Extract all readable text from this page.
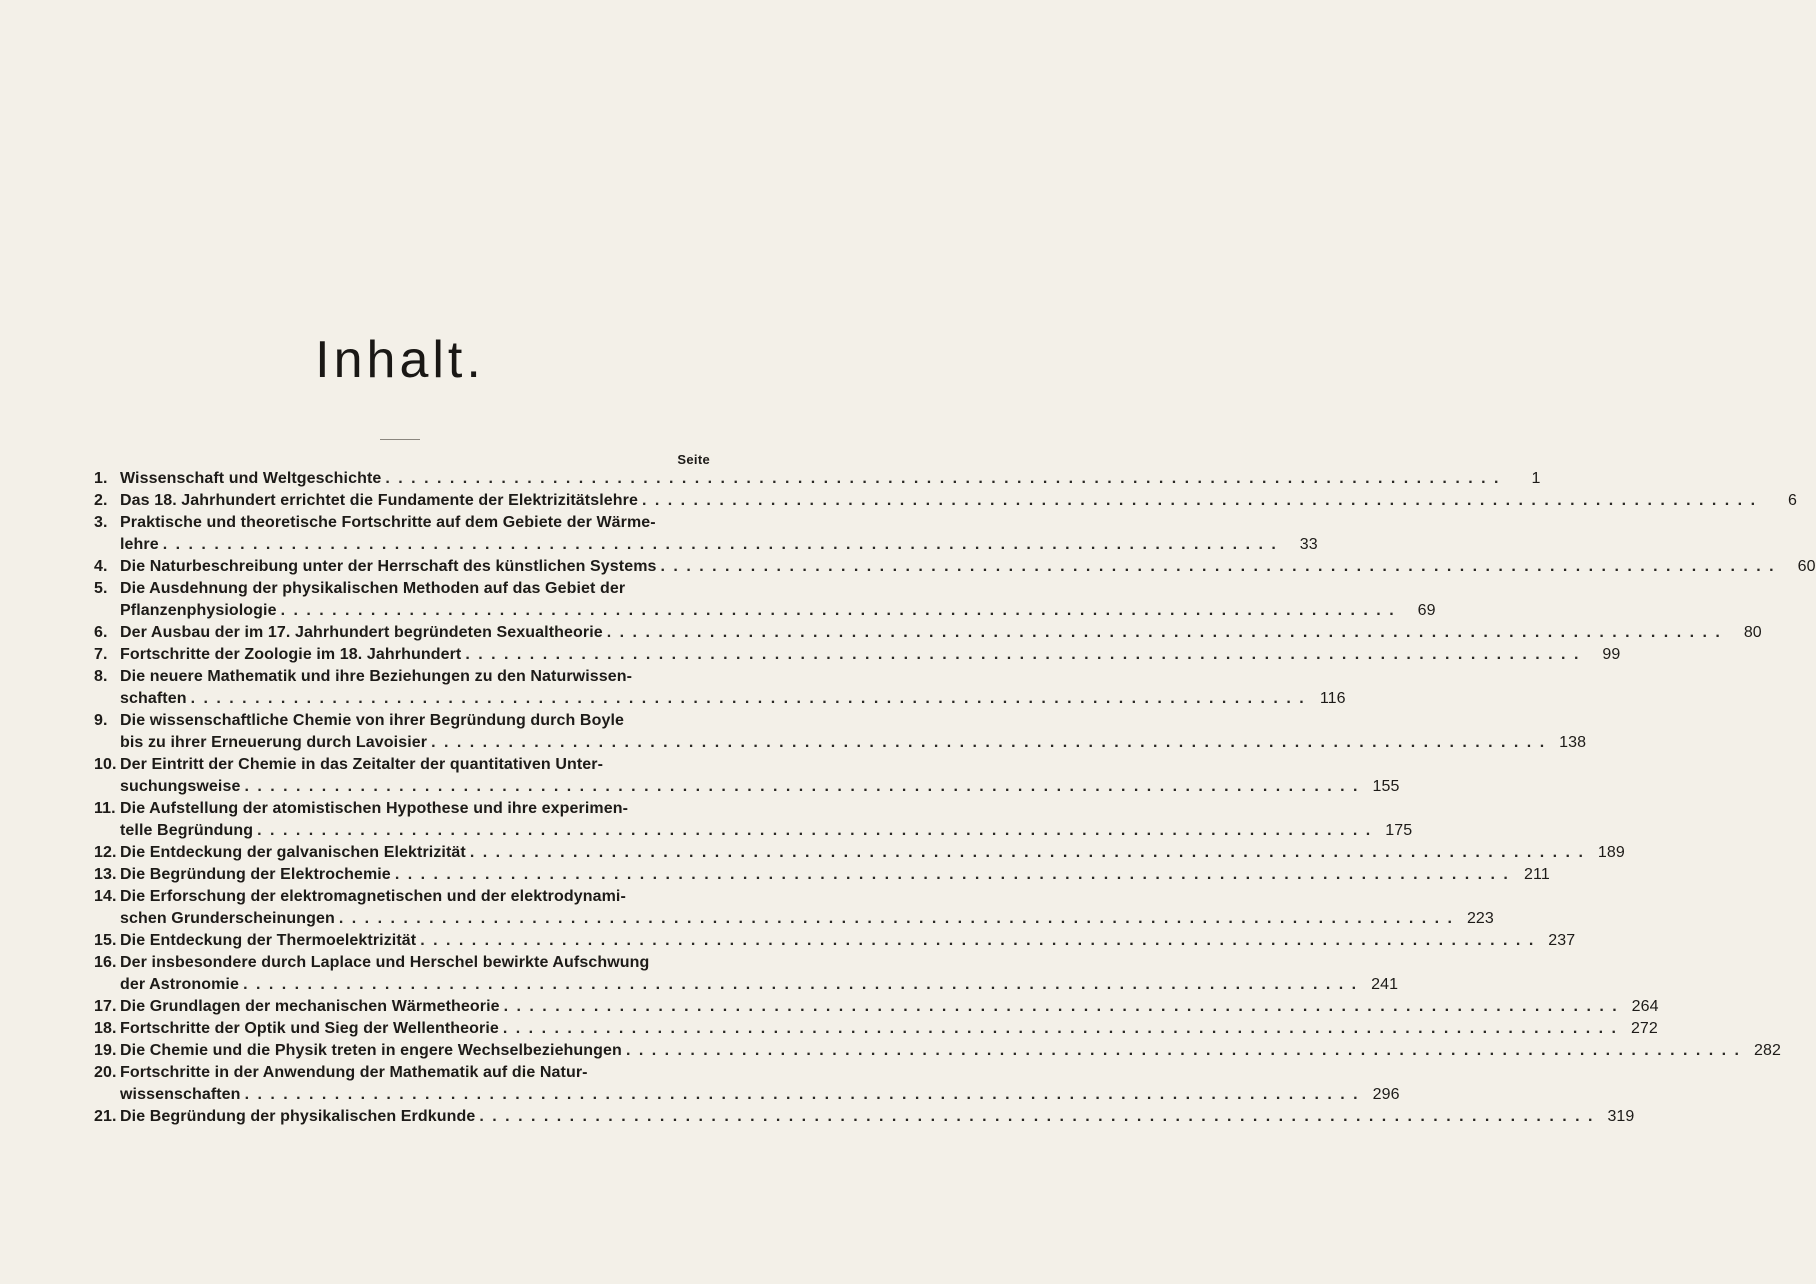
Inhalt.
Seite
1. Wissenschaft und Weltgeschichte . . .	1
2. Das 18. Jahrhundert errichtet die Fundamente der Elektrizitätslehre . . .	6
3. Praktische und theoretische Fortschritte auf dem Gebiete der Wärme-
lehre . . .	33
4. Die Naturbeschreibung unter der Herrschaft des künstlichen Systems . . .	60
5. Die Ausdehnung der physikalischen Methoden auf das Gebiet der
Pflanzenphysiologie . . .	69
6. Der Ausbau der im 17. Jahrhundert begründeten Sexualtheorie . . .	80
7. Fortschritte der Zoologie im 18. Jahrhundert . . .	99
8. Die neuere Mathematik und ihre Beziehungen zu den Naturwissen-
schaften . . .	116
9. Die wissenschaftliche Chemie von ihrer Begründung durch Boyle
bis zu ihrer Erneuerung durch Lavoisier . . .	138
10. Der Eintritt der Chemie in das Zeitalter der quantitativen Unter-
suchungsweise . . .	155
11. Die Aufstellung der atomistischen Hypothese und ihre experimen-
telle Begründung . . .	175
12. Die Entdeckung der galvanischen Elektrizität . . .	189
13. Die Begründung der Elektrochemie . . .	211
14. Die Erforschung der elektromagnetischen und der elektrodynami-
schen Grunderscheinungen . . .	223
15. Die Entdeckung der Thermoelektrizität . . .	237
16. Der insbesondere durch Laplace und Herschel bewirkte Aufschwung
der Astronomie . . .	241
17. Die Grundlagen der mechanischen Wärmetheorie . . .	264
18. Fortschritte der Optik und Sieg der Wellentheorie . . .	272
19. Die Chemie und die Physik treten in engere Wechselbeziehungen . . .	282
20. Fortschritte in der Anwendung der Mathematik auf die Natur-
wissenschaften . . .	296
21. Die Begründung der physikalischen Erdkunde . . .	319
